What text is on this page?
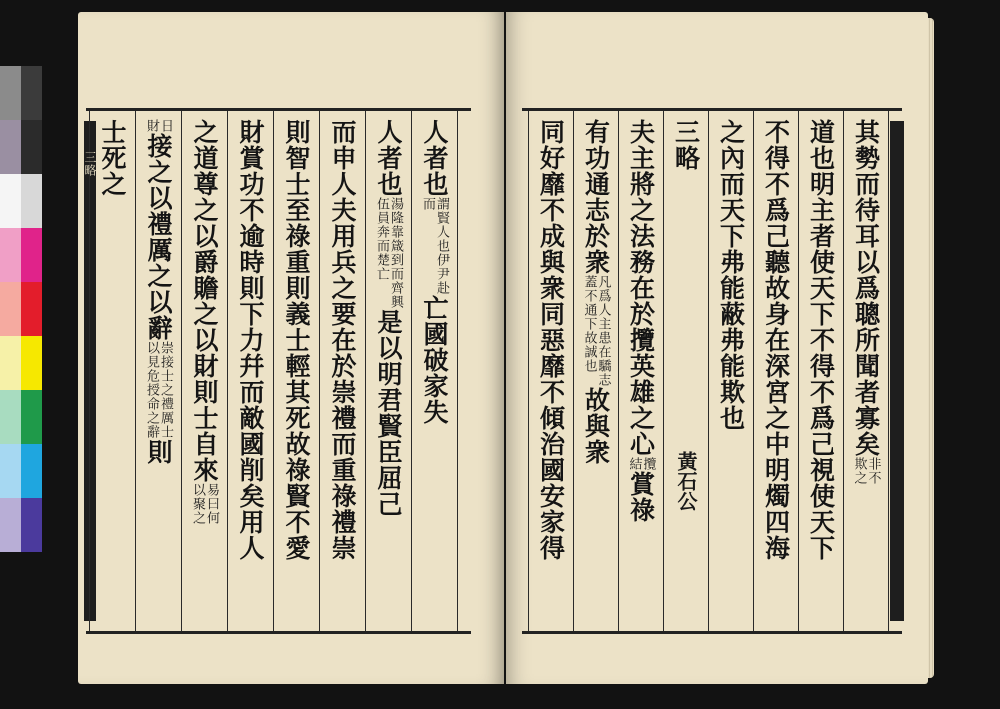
人者也
謂賢人也伊尹赴
而
亡國破家失
人者也
湯隆靠箴到而齊興
伍員奔而楚亡
是以明君賢臣屈己
而申人夫用兵之要在於崇禮而重祿禮崇
則智士至祿重則義士輕其死故祿賢不愛
財賞功不逾時則下力幷而敵國削矣用人
之道尊之以爵贍之以財則士自來
易曰何
以聚之
日
財
接之以禮厲之以辭
崇接士之禮厲士
以見危授命之辭
則
士死之
三略	其勢而待耳以爲聰所聞者寡矣
非不
欺之
道也明主者使天下不得不爲己視使天下
不得不爲己聽故身在深宮之中明燭四海
之內而天下弗能蔽弗能欺也
三略
夫主將之法務在於攬英雄之心
攬
結
賞祿
有功通志於衆
凡爲人主患在驕志
蓋不通下故誠也
故與衆
同好靡不成與衆同惡靡不傾治國安家得	黃石公
